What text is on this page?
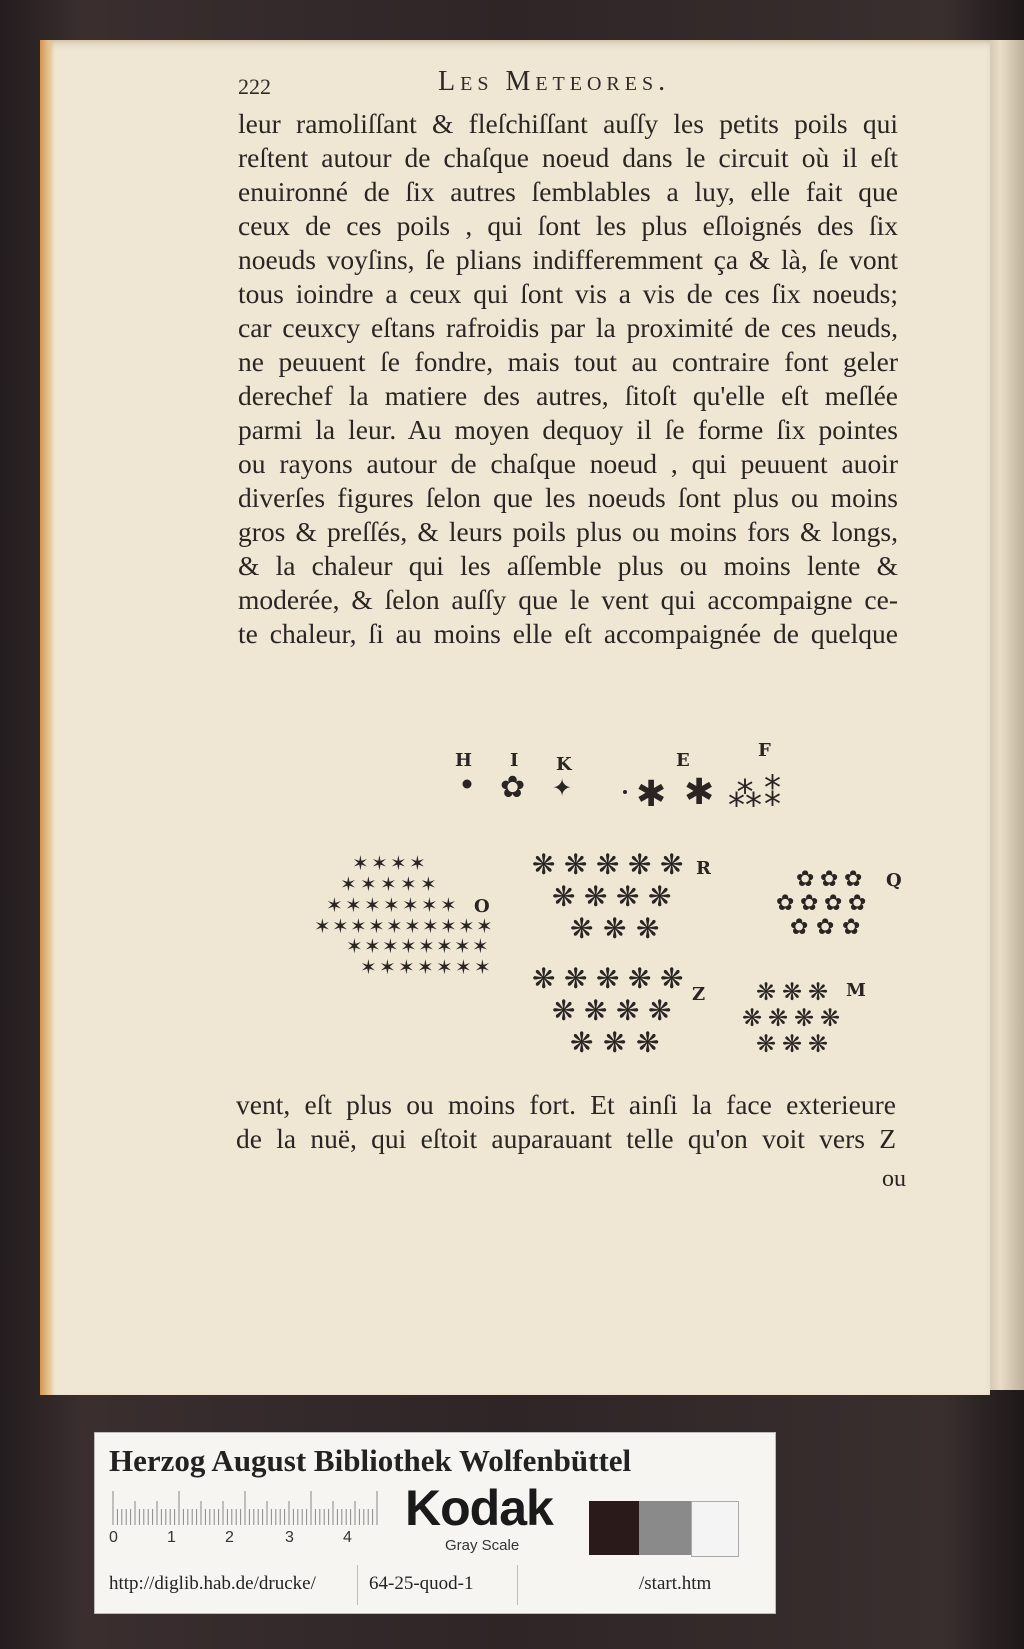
222	Les Meteores.
leur ramoliſſant & fleſchiſſant auſſy les petits poils qui
reſtent autour de chaſque noeud dans le circuit où il eſt
enuironné de ſix autres ſemblables a luy, elle fait que
ceux de ces poils , qui ſont les plus eſloignés des ſix
noeuds voyſins, ſe plians indifferemment ça & là, ſe vont
tous ioindre a ceux qui ſont vis a vis de ces ſix noeuds;
car ceuxcy eſtans rafroidis par la proximité de ces neuds,
ne peuuent ſe fondre, mais tout au contraire font geler
derechef la matiere des autres, ſitoſt qu'elle eſt meſlée
parmi la leur. Au moyen dequoy il ſe forme ſix pointes
ou rayons autour de chaſque noeud , qui peuuent auoir
diverſes figures ſelon que les noeuds ſont plus ou moins
gros & preſſés, & leurs poils plus ou moins fors & longs,
& la chaleur qui les aſſemble plus ou moins lente &
moderée, & ſelon auſſy que le vent qui accompaigne ce-
te chaleur, ſi au moins elle eſt accompaignée de quelque
H I K	E	F
O
R
Q
Z	M
✿ ✦ ✱ ✱ ⁂ ⁑
✶ ✶ ✶ ✶
✶ ✶ ✶ ✶ ✶
✶ ✶ ✶ ✶ ✶ ✶ ✶
✶ ✶ ✶ ✶ ✶ ✶ ✶ ✶ ✶ ✶
✶ ✶ ✶ ✶ ✶ ✶ ✶ ✶
✶ ✶ ✶ ✶ ✶ ✶ ✶
❋ ❋ ❋ ❋ ❋
❋ ❋ ❋ ❋
❋ ❋ ❋
✿ ✿ ✿
✿ ✿ ✿ ✿
✿ ✿ ✿
❋ ❋ ❋ ❋ ❋
❋ ❋ ❋ ❋
❋ ❋ ❋
❋ ❋ ❋
❋ ❋ ❋ ❋
❋ ❋ ❋
vent, eſt plus ou moins fort. Et ainſi la face exterieure
de la nuë, qui eſtoit auparauant telle qu'on voit vers Z
ou
Herzog August Bibliothek Wolfenbüttel
0	1	2	3	4
Kodak
Gray Scale
http://diglib.hab.de/drucke/	64-25-quod-1	/start.htm
